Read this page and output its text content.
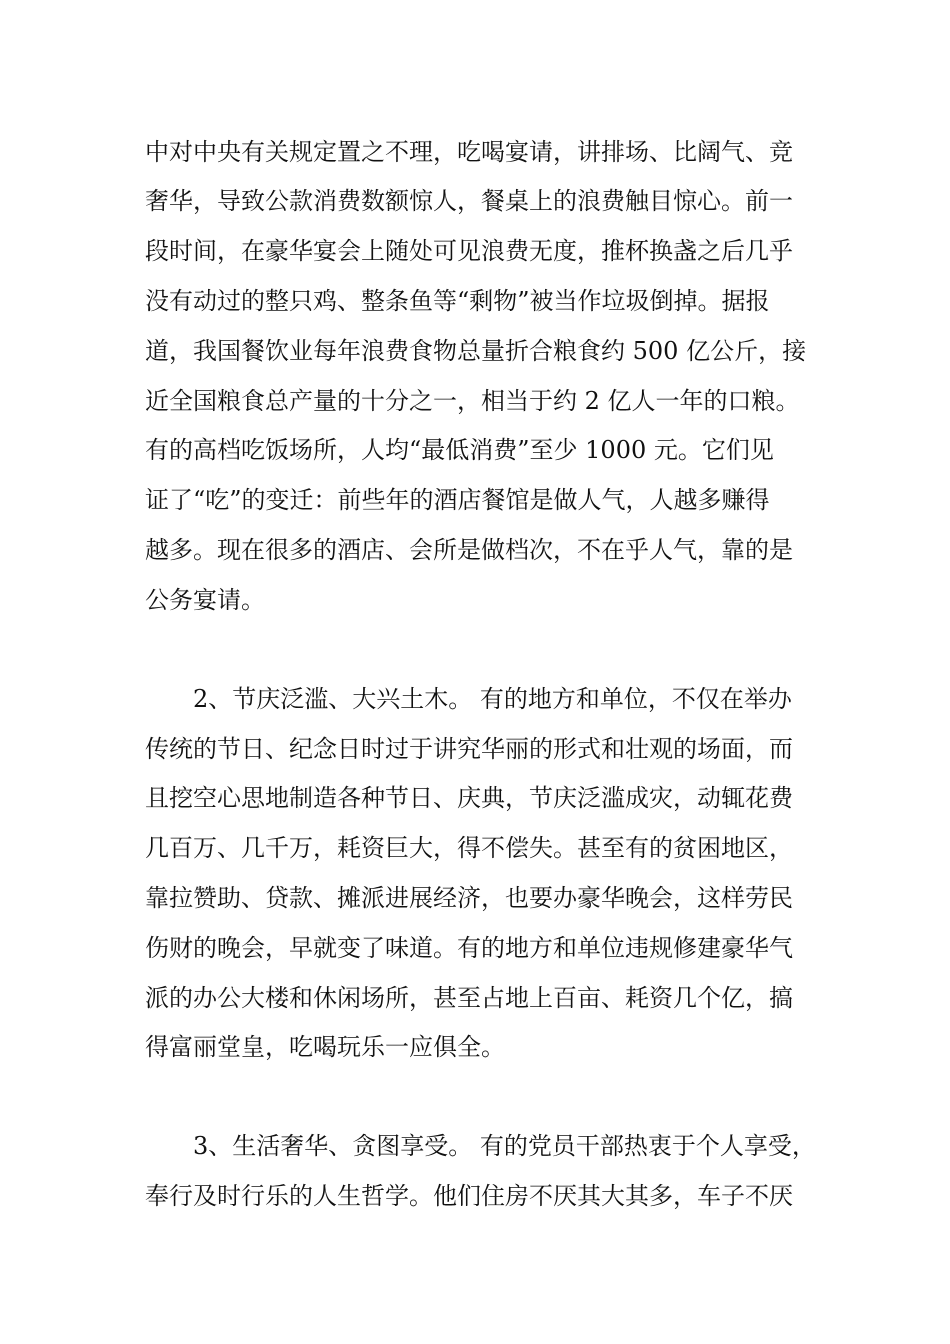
中对中央有关规定置之不理，吃喝宴请，讲排场、比阔气、竞
奢华，导致公款消费数额惊人，餐桌上的浪费触目惊心。前一
段时间，在豪华宴会上随处可见浪费无度，推杯换盏之后几乎
没有动过的整只鸡、整条鱼等“剩物”被当作垃圾倒掉。据报
道，我国餐饮业每年浪费食物总量折合粮食约 500 亿公斤，接
近全国粮食总产量的十分之一，相当于约 2 亿人一年的口粮。
有的高档吃饭场所，人均“最低消费”至少 1000 元。它们见
证了“吃”的变迁：前些年的酒店餐馆是做人气，人越多赚得
越多。现在很多的酒店、会所是做档次，不在乎人气，靠的是
公务宴请。
2、节庆泛滥、大兴土木。 有的地方和单位，不仅在举办
传统的节日、纪念日时过于讲究华丽的形式和壮观的场面，而
且挖空心思地制造各种节日、庆典，节庆泛滥成灾，动辄花费
几百万、几千万，耗资巨大，得不偿失。甚至有的贫困地区，
靠拉赞助、贷款、摊派进展经济，也要办豪华晚会，这样劳民
伤财的晚会，早就变了味道。有的地方和单位违规修建豪华气
派的办公大楼和休闲场所，甚至占地上百亩、耗资几个亿，搞
得富丽堂皇，吃喝玩乐一应俱全。
3、生活奢华、贪图享受。 有的党员干部热衷于个人享受，
奉行及时行乐的人生哲学。他们住房不厌其大其多，车子不厌
